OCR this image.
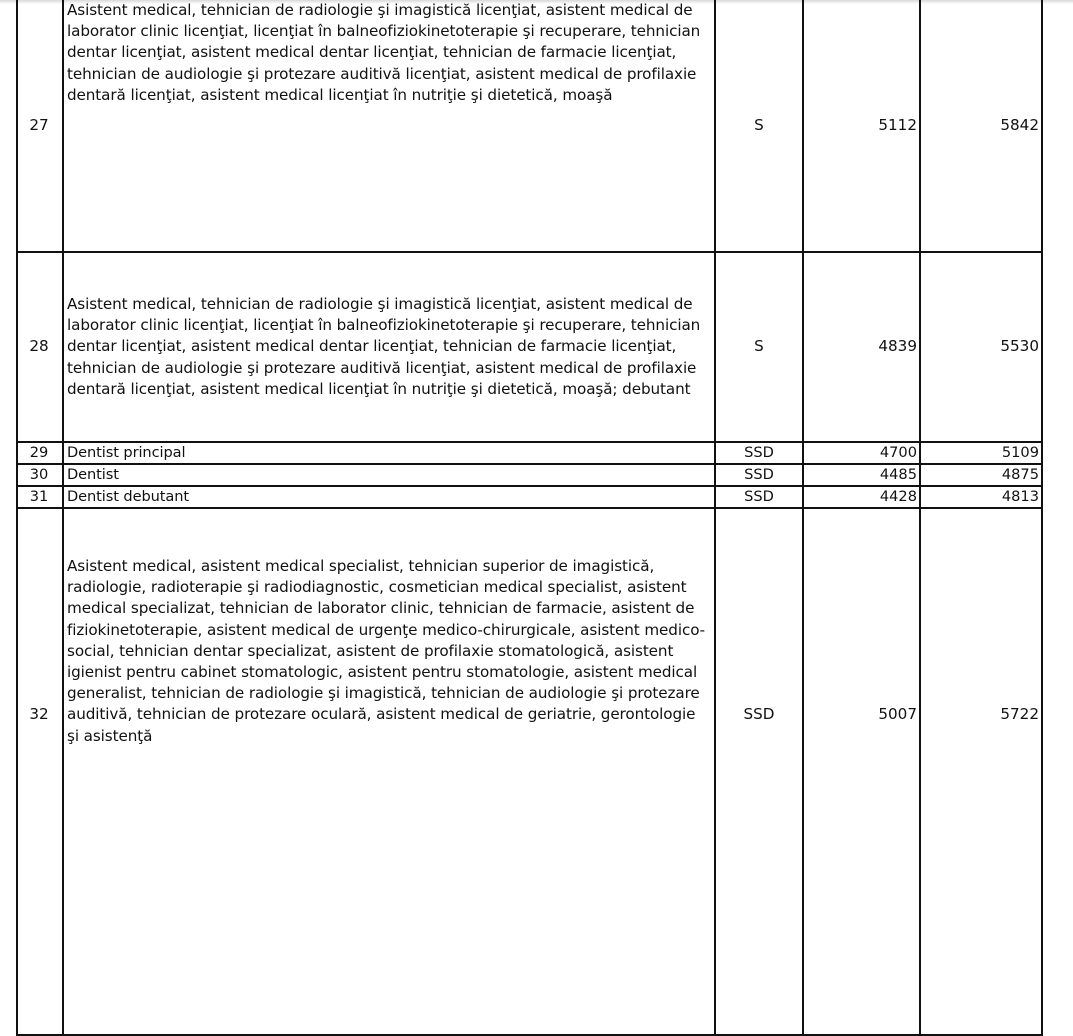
27	Asistent medical, tehnician de radiologie şi imagistică licenţiat, asistent medical de laborator clinic licenţiat, licenţiat în balneofiziokinetoterapie şi recuperare, tehnician dentar licenţiat, asistent medical dentar licenţiat, tehnician de farmacie licenţiat, tehnician de audiologie şi protezare auditivă licenţiat, asistent medical de profilaxie dentară licenţiat, asistent medical licenţiat în nutriţie şi dietetică, moaşă	S	5112	5842
28	Asistent medical, tehnician de radiologie şi imagistică licenţiat, asistent medical de laborator clinic licenţiat, licenţiat în balneofiziokinetoterapie şi recuperare, tehnician dentar licenţiat, asistent medical dentar licenţiat, tehnician de farmacie licenţiat, tehnician de audiologie şi protezare auditivă licenţiat, asistent medical de profilaxie dentară licenţiat, asistent medical licenţiat în nutriţie şi dietetică, moaşă; debutant	S	4839	5530
29	Dentist principal	SSD	4700	5109
30	Dentist	SSD	4485	4875
31	Dentist debutant	SSD	4428	4813
32	Asistent medical, asistent medical specialist, tehnician superior de imagistică, radiologie, radioterapie şi radiodiagnostic, cosmetician medical specialist, asistent medical specializat, tehnician de laborator clinic, tehnician de farmacie, asistent de fiziokinetoterapie, asistent medical de urgenţe medico-chirurgicale, asistent medico-social, tehnician dentar specializat, asistent de profilaxie stomatologică, asistent igienist pentru cabinet stomatologic, asistent pentru stomatologie, asistent medical generalist, tehnician de radiologie şi imagistică, tehnician de audiologie şi protezare auditivă, tehnician de protezare oculară, asistent medical de geriatrie, gerontologie şi asistenţă	SSD	5007	5722
